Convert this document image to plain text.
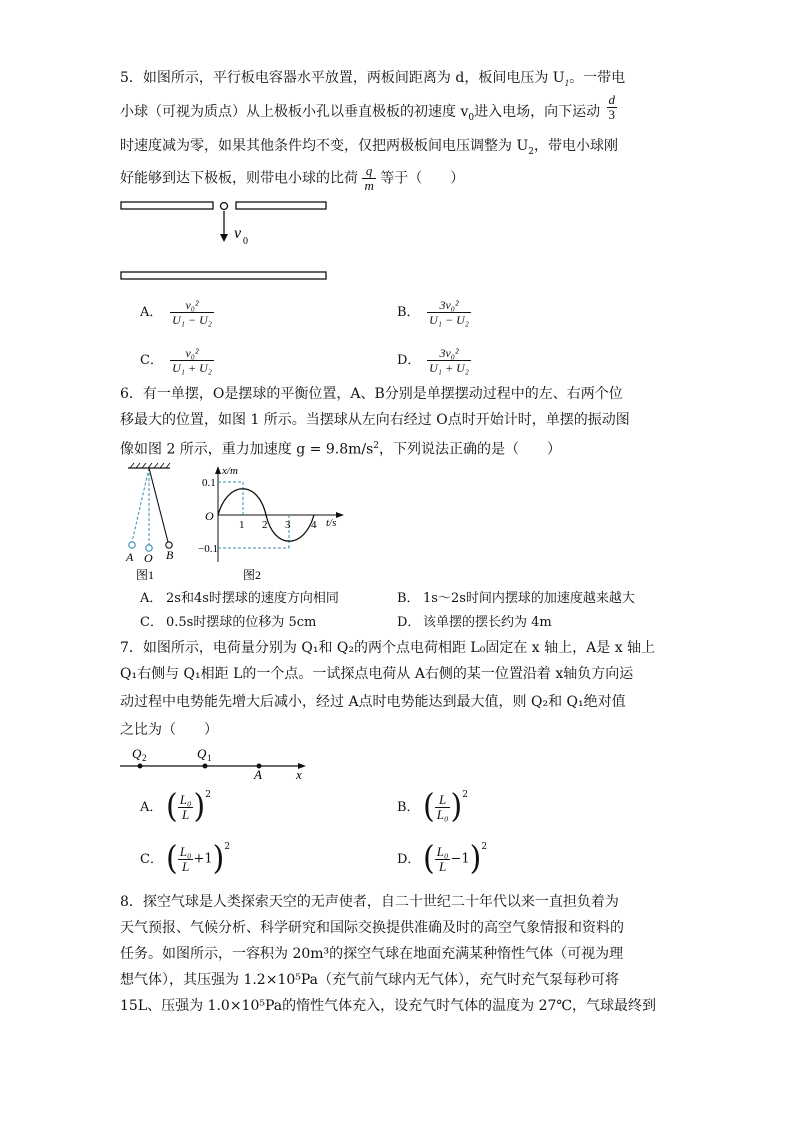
5．如图所示，平行板电容器水平放置，两板间距离为 d，板间电压为 $U_1$。一带电
小球（可视为质点）从上极板小孔以垂直极板的初速度 $v_0$进入电场，向下运动 $\frac{d}{3}$
时速度减为零，如果其他条件均不变，仅把两极板间电压调整为 $U_2$，带电小球刚
好能够到达下极板，则带电小球的比荷 $\frac{q}{m}$ 等于（　　）
v 0
A． $\frac{\text{v₀²}}{\text{U₁ − U₂}}$	B． $\frac{\text{3v₀²}}{\text{U₁ − U₂}}$
C． $\frac{\text{v₀²}}{\text{U₁ + U₂}}$	D． $\frac{\text{3v₀²}}{\text{U₁ + U₂}}$
6．有一单摆，O是摆球的平衡位置，A、B分别是单摆摆动过程中的左、右两个位
移最大的位置，如图 1 所示。当摆球从左向右经过 O点时开始计时，单摆的振动图
像如图 2 所示，重力加速度 $g = 9.8m/s^2$，下列说法正确的是（　　）
A O B
图1
x/m
t/s
O
0.1
−0.1
1 2 3 4
图2
A． 2s和4s时摆球的速度方向相同	B． 1s～2s时间内摆球的加速度越来越大
C． 0.5s时摆球的位移为 5cm	D． 该单摆的摆长约为 4m
7．如图所示，电荷量分别为 Q₁和 Q₂的两个点电荷相距 L₀固定在 x 轴上，A是 x 轴上
Q₁右侧与 Q₁相距 L的一个点。一试探点电荷从 A右侧的某一位置沿着 x轴负方向运
动过程中电势能先增大后减小，经过 A点时电势能达到最大值，则 Q₂和 Q₁绝对值
之比为（　　）
Q 2	Q 1
A	x
A． ( $\frac{\text{L₀}}{L} )^2$
B． ( $\frac{L}{\text{L₀}} )^2$
C． ( $\frac{\text{L₀}}{L} +1)^2$
D．( $\frac{\text{L₀}}{L} -1)^2$
8．探空气球是人类探索天空的无声使者，自二十世纪二十年代以来一直担负着为
天气预报、气候分析、科学研究和国际交换提供准确及时的高空气象情报和资料的
任务。如图所示，一容积为 20m³的探空气球在地面充满某种惰性气体（可视为理
想气体），其压强为 1.2×10⁵Pa（充气前气球内无气体），充气时充气泵每秒可将
15L、压强为 1.0×10⁵Pa的惰性气体充入，设充气时气体的温度为 27℃，气球最终到
